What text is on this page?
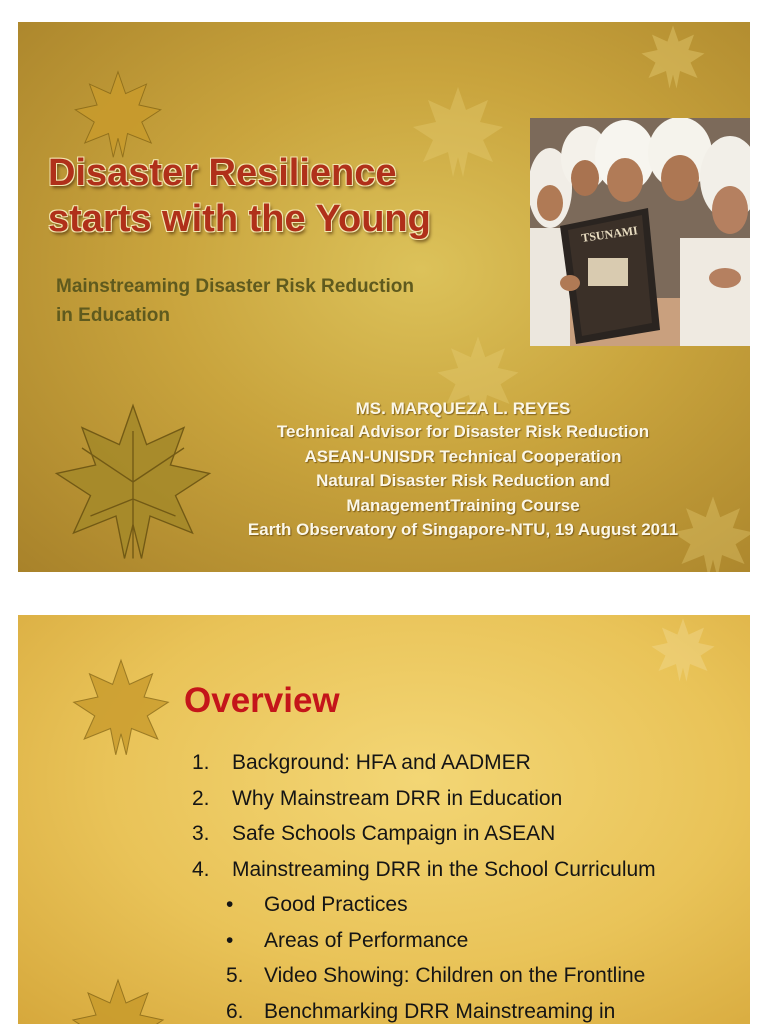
Disaster Resilience
starts with the Young
Mainstreaming Disaster Risk Reduction
in Education
TSUNAMI
MS. MARQUEZA L. REYES
Technical Advisor for Disaster Risk Reduction
ASEAN-UNISDR Technical Cooperation
Natural Disaster Risk Reduction and
ManagementTraining Course
Earth Observatory of Singapore-NTU, 19 August 2011
Overview
1.	Background: HFA and AADMER
2.	Why Mainstream DRR in Education
3.	Safe Schools Campaign in ASEAN
4.	Mainstreaming DRR in the School Curriculum
•	Good Practices
•	Areas of Performance
5. Video Showing: Children on the Frontline
6. Benchmarking DRR Mainstreaming in
